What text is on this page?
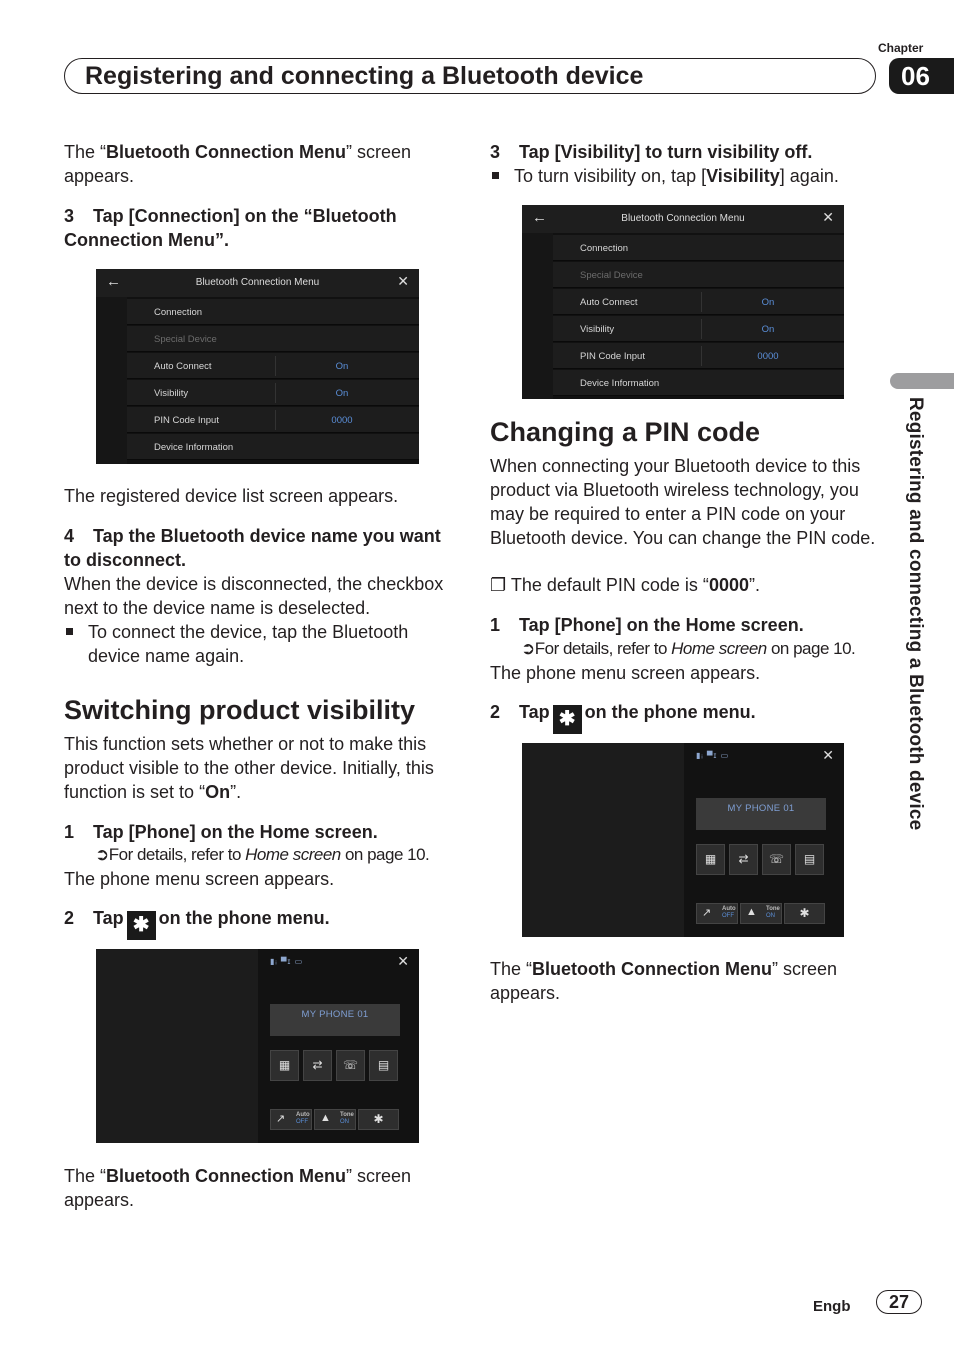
Chapter
06
Registering and connecting a Bluetooth device
Registering and connecting a Bluetooth device
The “Bluetooth Connection Menu” screen appears.
3 Tap [Connection] on the “Bluetooth Connection Menu”.
←	Bluetooth Connection Menu	✕
Connection
Special Device
Auto Connect	On
Visibility	On
PIN Code Input	0000
Device Information
The registered device list screen appears.
4 Tap the Bluetooth device name you want to disconnect.
When the device is disconnected, the checkbox next to the device name is deselected.
To connect the device, tap the Bluetooth device name again.
Switching product visibility
This function sets whether or not to make this product visible to the other device. Initially, this function is set to “On”.
1 Tap [Phone] on the Home screen.
➲For details, refer to Home screen on page 10.
The phone menu screen appears.
2 Tap ✱ on the phone menu.
▮ᵢ ▀ɪ ▭	✕
MY PHONE 01
▦	⇄	☏	▤
↗ Auto
OFF ▲ Tone
ON	✱
The “Bluetooth Connection Menu” screen appears.
3 Tap [Visibility] to turn visibility off.
To turn visibility on, tap [Visibility] again.
←	Bluetooth Connection Menu	✕
Connection
Special Device
Auto Connect	On
Visibility	On
PIN Code Input	0000
Device Information
Changing a PIN code
When connecting your Bluetooth device to this product via Bluetooth wireless technology, you may be required to enter a PIN code on your Bluetooth device. You can change the PIN code.
❐ The default PIN code is “0000”.
1 Tap [Phone] on the Home screen.
➲For details, refer to Home screen on page 10.
The phone menu screen appears.
2 Tap ✱ on the phone menu.
▮ᵢ ▀ɪ ▭	✕
MY PHONE 01
▦	⇄	☏	▤
↗ Auto
OFF ▲ Tone
ON	✱
The “Bluetooth Connection Menu” screen appears.
Engb	27
